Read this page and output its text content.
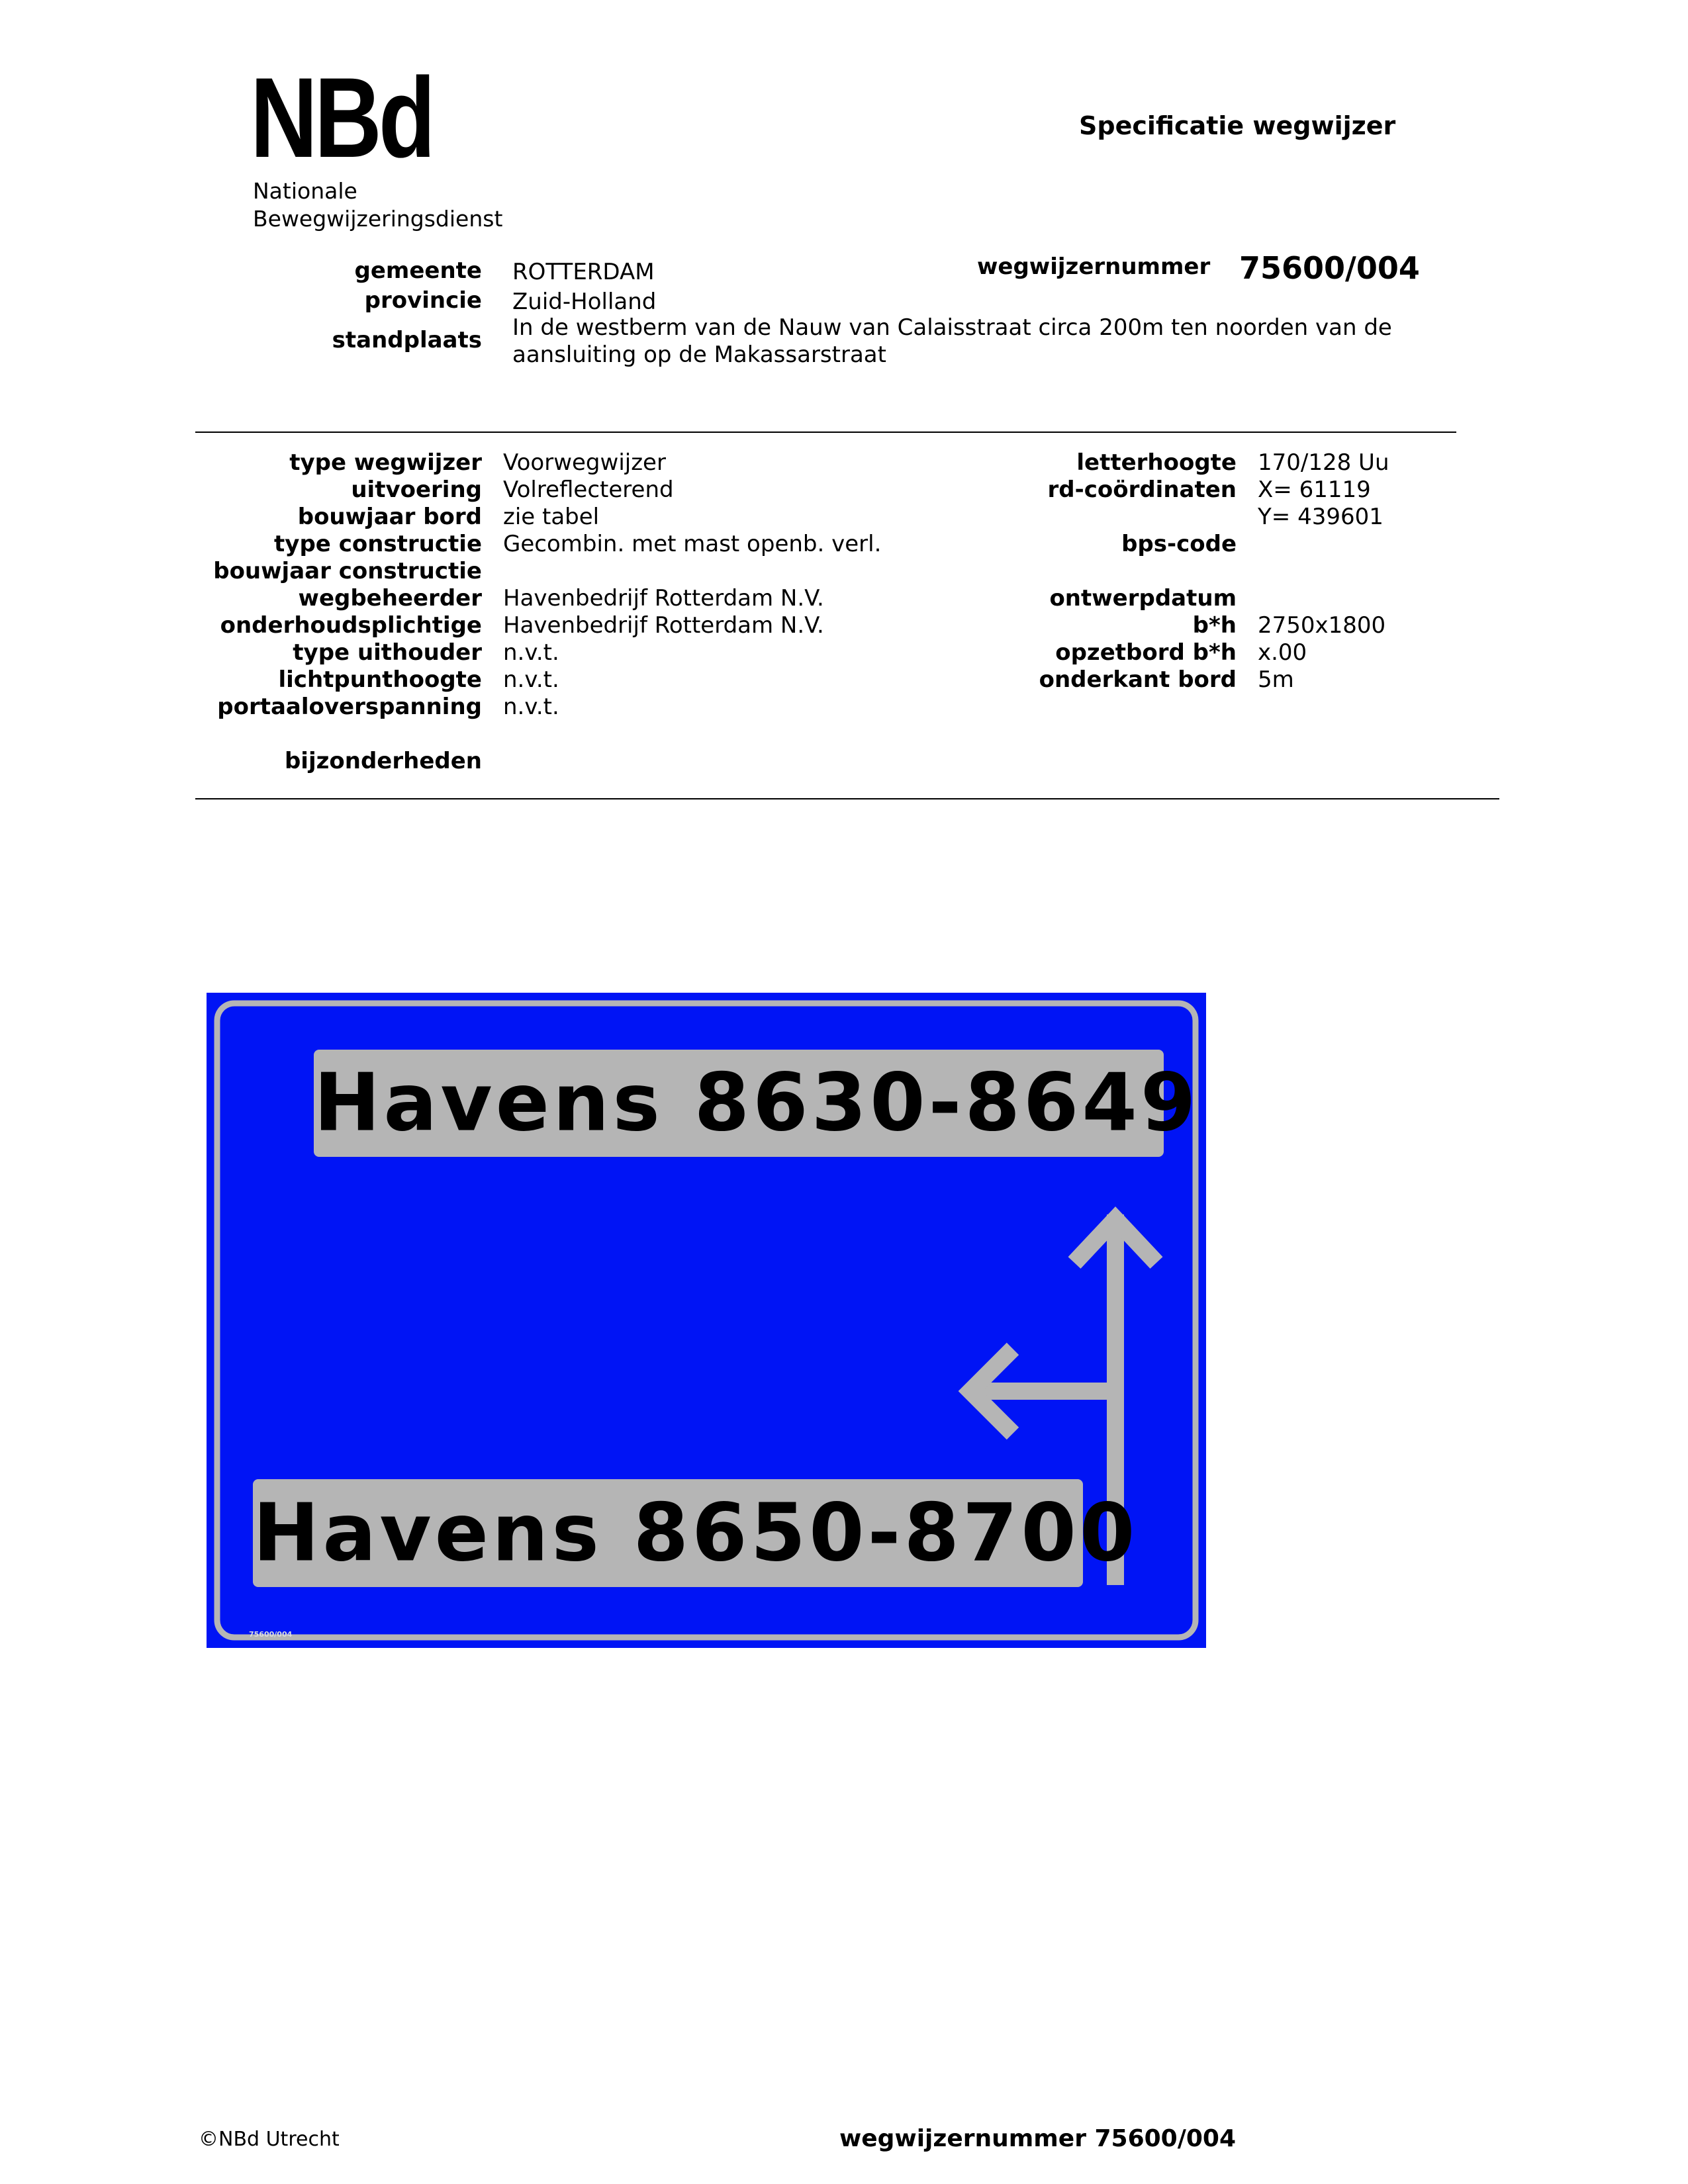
NBd
Nationale
Bewegwijzeringsdienst
Specificatie wegwijzer
gemeente ROTTERDAM
provincie Zuid-Holland
standplaats In de westberm van de Nauw van Calaisstraat circa 200m ten noorden van de
aansluiting op de Makassarstraat
wegwijzernummer 75600/004
type wegwijzer Voorwegwijzer
uitvoering Volreflecterend
bouwjaar bord zie tabel
type constructie Gecombin. met mast openb. verl.
bouwjaar constructie
wegbeheerder Havenbedrijf Rotterdam N.V.
onderhoudsplichtige Havenbedrijf Rotterdam N.V.
type uithouder n.v.t.
lichtpunthoogte n.v.t.
portaaloverspanning n.v.t.
letterhoogte 170/128 Uu
rd-coördinaten X= 61119
Y= 439601
bps-code
ontwerpdatum
b*h 2750x1800
opzetbord b*h x.00
onderkant bord 5m
bijzonderheden
Havens 8630-8649
Havens 8650-8700
75600/004
©NBd Utrecht	wegwijzernummer 75600/004
